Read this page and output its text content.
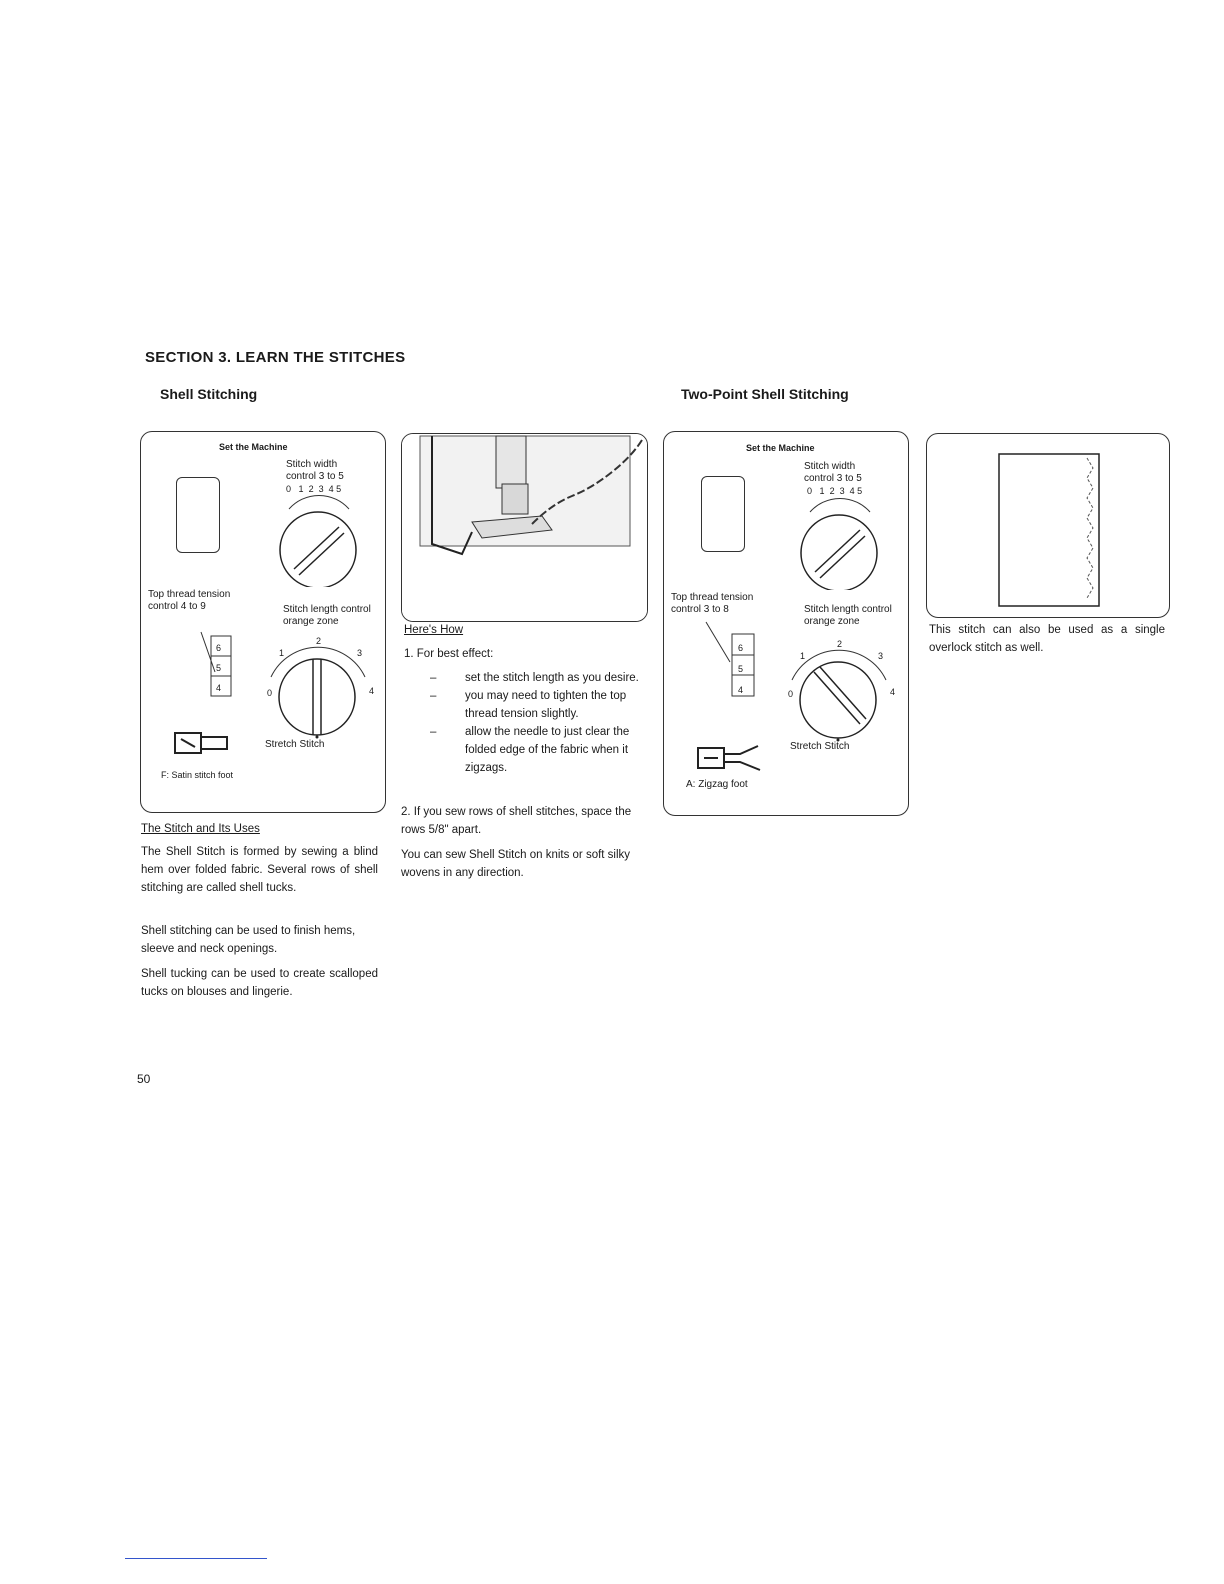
SECTION 3. LEARN THE STITCHES
Shell Stitching	Two-Point Shell Stitching
Set the Machine
Stitch width control 3 to 5
0 1 2 3 4 5
Top thread tension control 4 to 9
6
5
4
Stitch length control orange zone
1
2
3
0	4
Stretch Stitch
F: Satin stitch foot
Here's How
1. For best effect:
– set the stitch length as you desire.
– you may need to tighten the top thread tension slightly.
– allow the needle to just clear the folded edge of the fabric when it zigzags.
2. If you sew rows of shell stitches, space the rows 5/8" apart.
You can sew Shell Stitch on knits or soft silky wovens in any direction.
The Stitch and Its Uses
The Shell Stitch is formed by sewing a blind hem over folded fabric. Several rows of shell stitching are called shell tucks.
Shell stitching can be used to finish hems, sleeve and neck openings.
Shell tucking can be used to create scalloped tucks on blouses and lingerie.
Set the Machine
Stitch width control 3 to 5
0 1 2 3 4 5
Top thread tension control 3 to 8
6
5
4
Stitch length control orange zone
1
2
3
0	4
Stretch Stitch
A: Zigzag foot
This stitch can also be used as a single overlock stitch as well.
50
